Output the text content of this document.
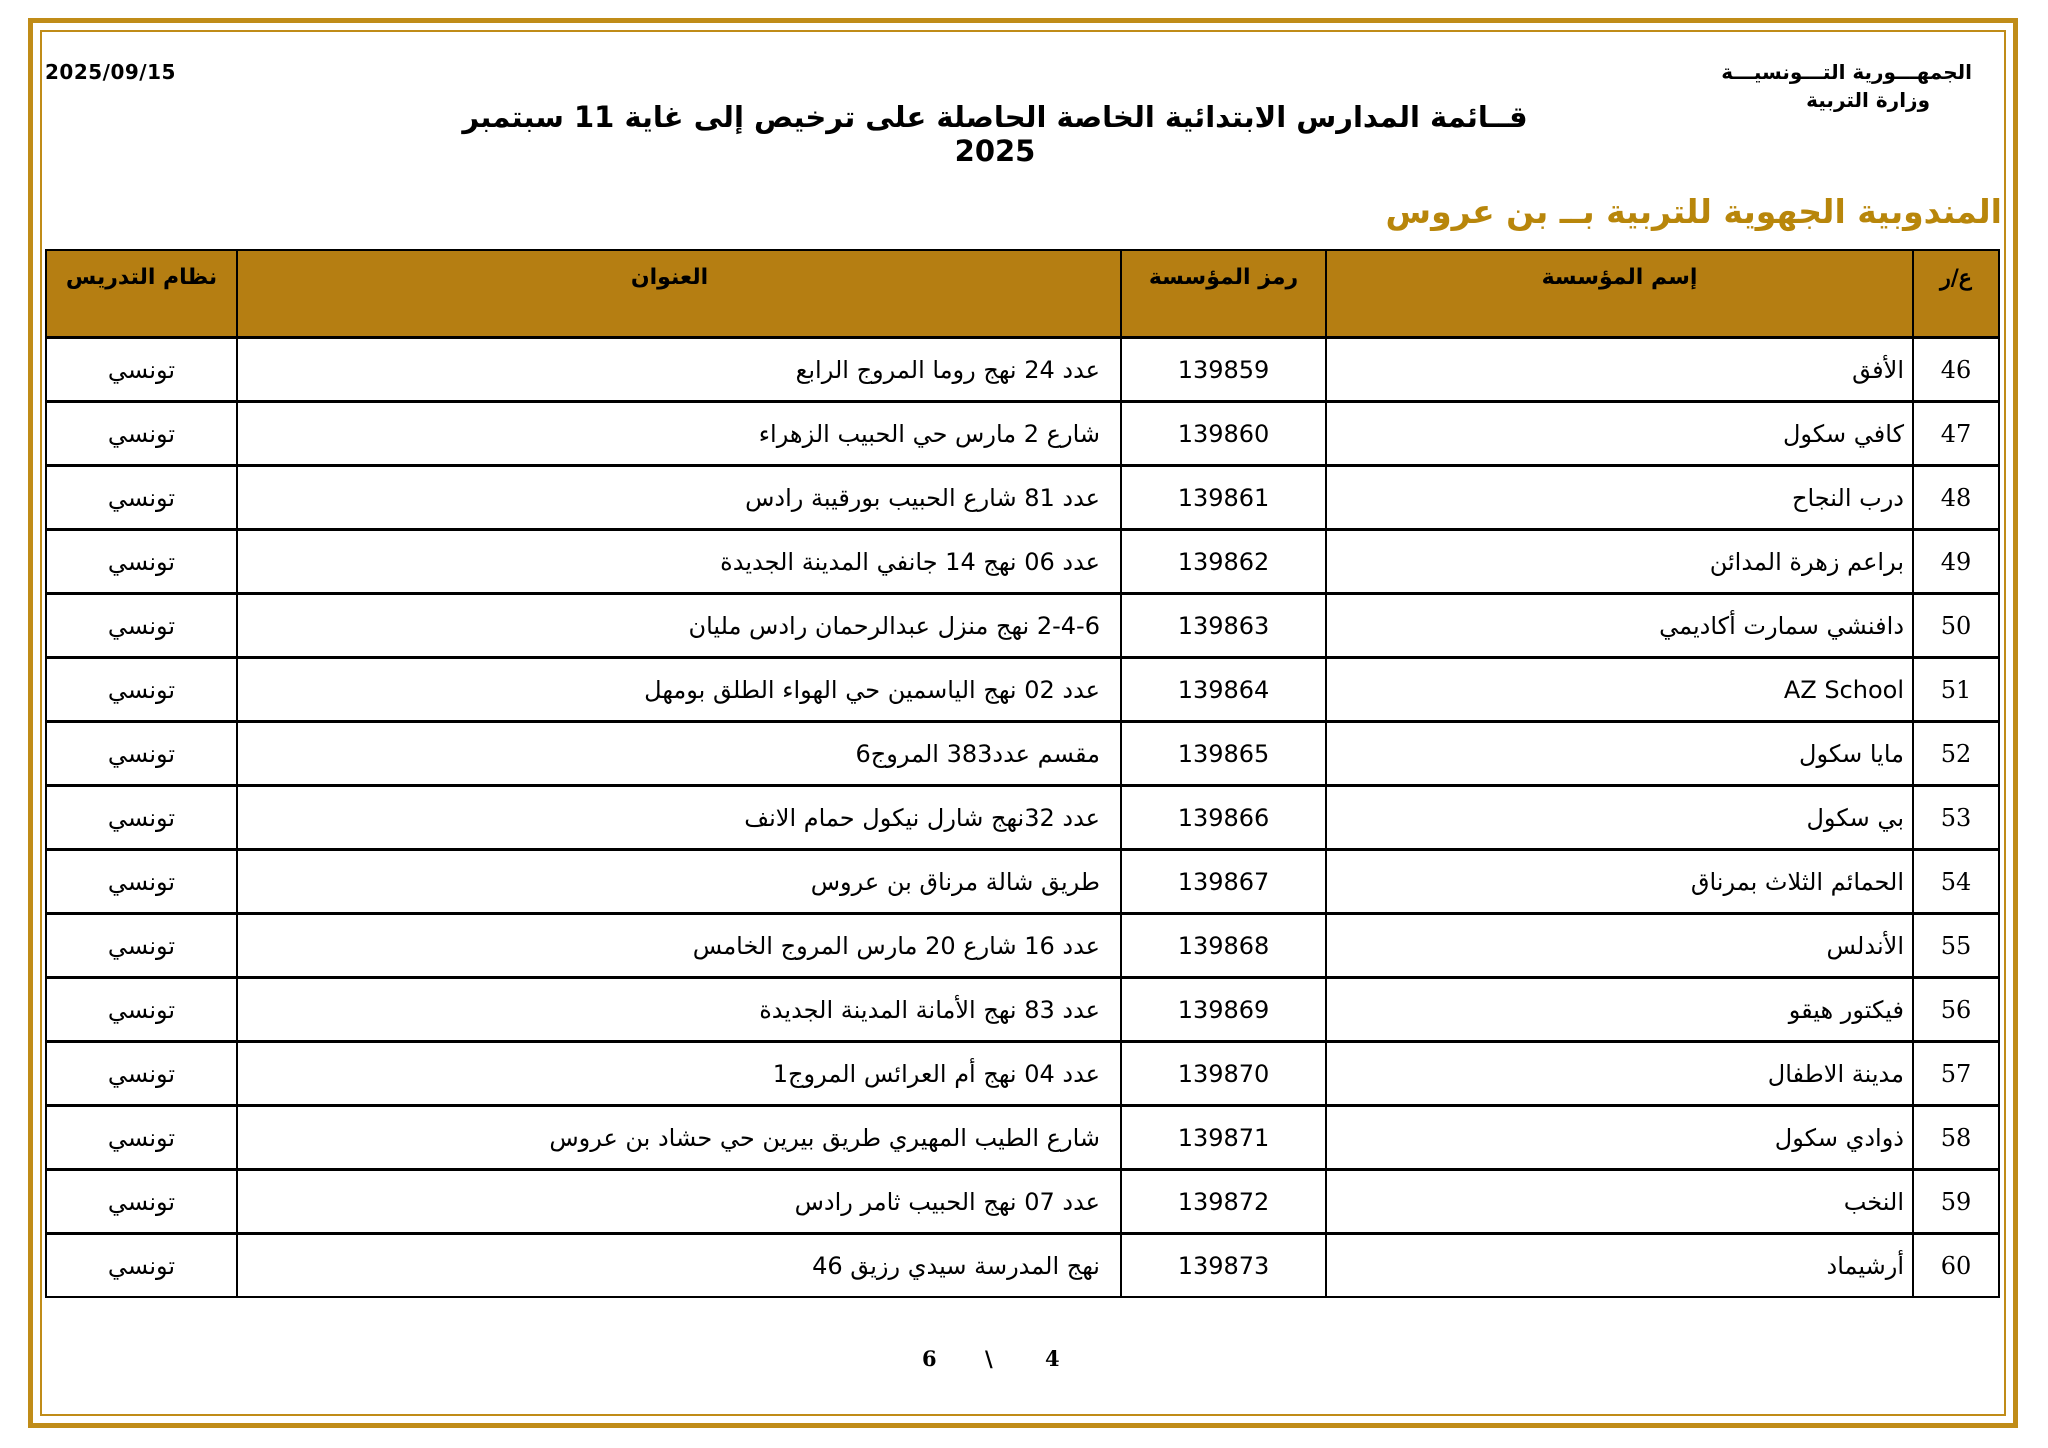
2025/09/15	الجمهـــورية التـــونسيـــة
وزارة التربية
قــائمة المدارس الابتدائية الخاصة الحاصلة على ترخيص إلى غاية 11 سبتمبر 2025
المندوبية الجهوية للتربية بــ بن عروس
ع/ر	إسم المؤسسة	رمز المؤسسة	العنوان	نظام التدريس
46	الأفق	139859	عدد 24 نهج روما المروج الرابع	تونسي
47	كافي سكول	139860	شارع 2 مارس حي الحبيب الزهراء	تونسي
48	درب النجاح	139861	عدد 81 شارع الحبيب بورقيبة رادس	تونسي
49	براعم زهرة المدائن	139862	عدد 06 نهج 14 جانفي المدينة الجديدة	تونسي
50	دافنشي سمارت أكاديمي	139863	2-4-6 نهج منزل عبدالرحمان رادس مليان	تونسي
51	AZ School	139864	عدد 02 نهج الياسمين حي الهواء الطلق بومهل	تونسي
52	مايا سكول	139865	مقسم عدد383 المروج6	تونسي
53	بي سكول	139866	عدد 32نهج شارل نيكول حمام الانف	تونسي
54	الحمائم الثلاث بمرناق	139867	طريق شالة مرناق بن عروس	تونسي
55	الأندلس	139868	عدد 16 شارع 20 مارس المروج الخامس	تونسي
56	فيكتور هيقو	139869	عدد 83 نهج الأمانة المدينة الجديدة	تونسي
57	مدينة الاطفال	139870	عدد 04 نهج أم العرائس المروج1	تونسي
58	ذوادي سكول	139871	شارع الطيب المهيري طريق بيرين حي حشاد بن عروس	تونسي
59	النخب	139872	عدد 07 نهج الحبيب ثامر رادس	تونسي
60	أرشيماد	139873	نهج المدرسة سيدي رزيق 46	تونسي
4
\
6
